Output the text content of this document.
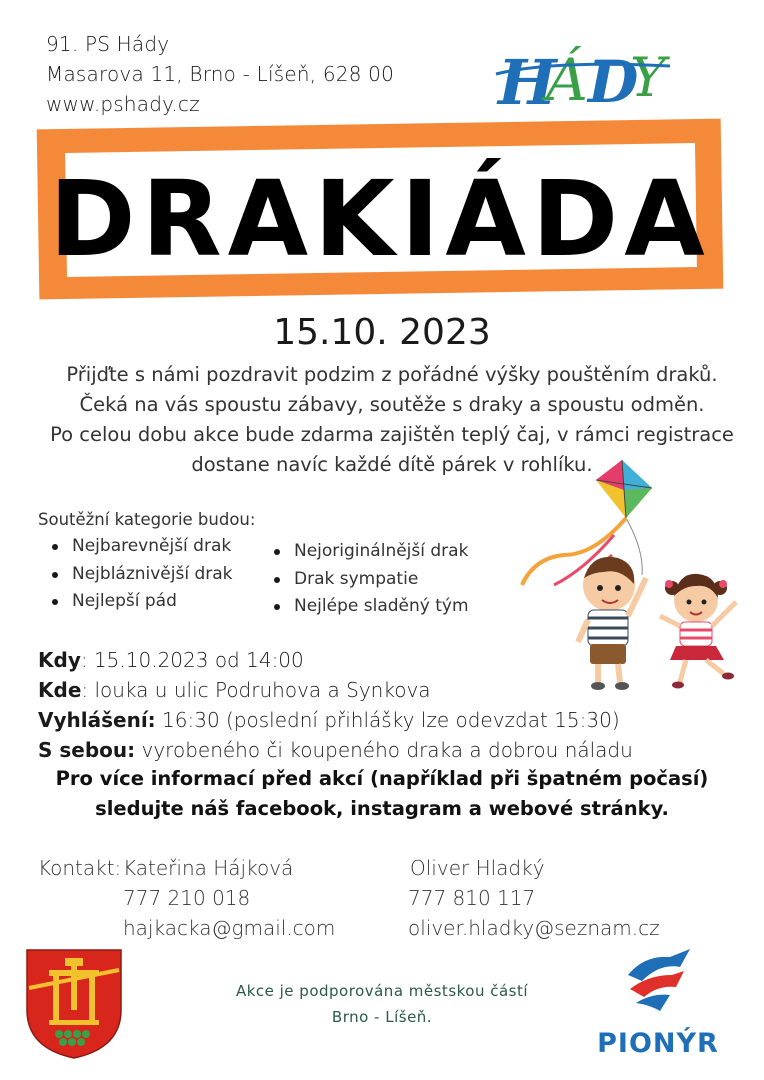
91. PS Hády
Masarova 11, Brno - Líšeň, 628 00
www.pshady.cz	H
Á D
Y
DRAKIÁDA
15.10. 2023
Přijďte s námi pozdravit podzim z pořádné výšky pouštěním draků.
Čeká na vás spoustu zábavy, soutěže s draky a spoustu odměn.
Po celou dobu akce bude zdarma zajištěn teplý čaj, v rámci registrace
dostane navíc každé dítě párek v rohlíku.
Soutěžní kategorie budou:
Nejbarevnější drak
Nejbláznivější drak
Nejlepší pád
Nejoriginálnější drak
Drak sympatie
Nejlépe sladěný tým
Kdy: 15.10.2023 od 14:00
Kde: louka u ulic Podruhova a Synkova
Vyhlášení: 16:30 (poslední přihlášky lze odevzdat 15:30)
S sebou: vyrobeného či koupeného draka a dobrou náladu
Pro více informací před akcí (například při špatném počasí)
sledujte náš facebook, instagram a webové stránky.
Kontakt: Kateřina Hájková
777 210 018
hajkacka@gmail.com
Oliver Hladký
777 810 117
oliver.hladky@seznam.cz
Akce je podporována městskou částí
Brno - Líšeň.
PIONÝR
